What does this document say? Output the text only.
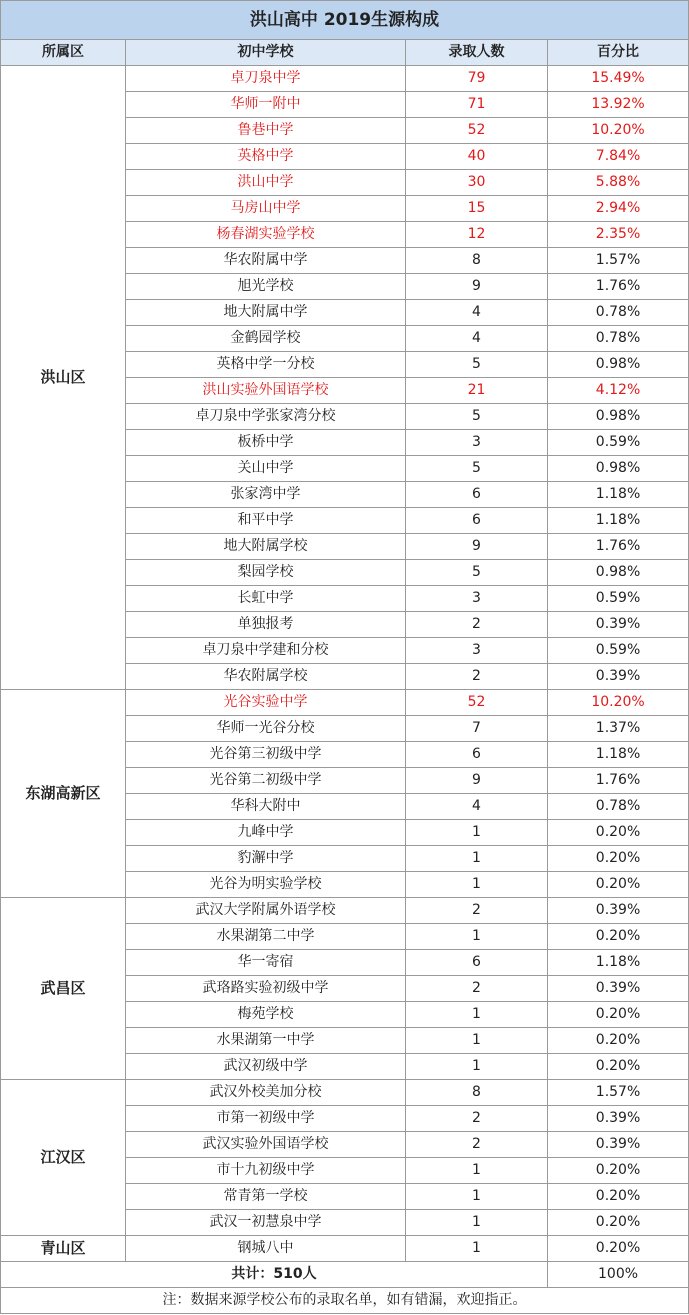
洪山高中 2019生源构成			
所属区	初中学校	录取人数	百分比
洪山区	卓刀泉中学	79	15.49%
	华师一附中	71	13.92%
	鲁巷中学	52	10.20%
	英格中学	40	7.84%
	洪山中学	30	5.88%
	马房山中学	15	2.94%
	杨春湖实验学校	12	2.35%
	华农附属中学	8	1.57%
	旭光学校	9	1.76%
	地大附属中学	4	0.78%
	金鹤园学校	4	0.78%
	英格中学一分校	5	0.98%
	洪山实验外国语学校	21	4.12%
	卓刀泉中学张家湾分校	5	0.98%
	板桥中学	3	0.59%
	关山中学	5	0.98%
	张家湾中学	6	1.18%
	和平中学	6	1.18%
	地大附属学校	9	1.76%
	梨园学校	5	0.98%
	长虹中学	3	0.59%
	单独报考	2	0.39%
	卓刀泉中学建和分校	3	0.59%
	华农附属学校	2	0.39%
东湖高新区	光谷实验中学	52	10.20%
	华师一光谷分校	7	1.37%
	光谷第三初级中学	6	1.18%
	光谷第二初级中学	9	1.76%
	华科大附中	4	0.78%
	九峰中学	1	0.20%
	豹澥中学	1	0.20%
	光谷为明实验学校	1	0.20%
武昌区	武汉大学附属外语学校	2	0.39%
	水果湖第二中学	1	0.20%
	华一寄宿	6	1.18%
	武珞路实验初级中学	2	0.39%
	梅苑学校	1	0.20%
	水果湖第一中学	1	0.20%
	武汉初级中学	1	0.20%
江汉区	武汉外校美加分校	8	1.57%
	市第一初级中学	2	0.39%
	武汉实验外国语学校	2	0.39%
	市十九初级中学	1	0.20%
	常青第一学校	1	0.20%
	武汉一初慧泉中学	1	0.20%
青山区	钢城八中	1	0.20%
共计：510人			100%
注：数据来源学校公布的录取名单，如有错漏，欢迎指正。			
